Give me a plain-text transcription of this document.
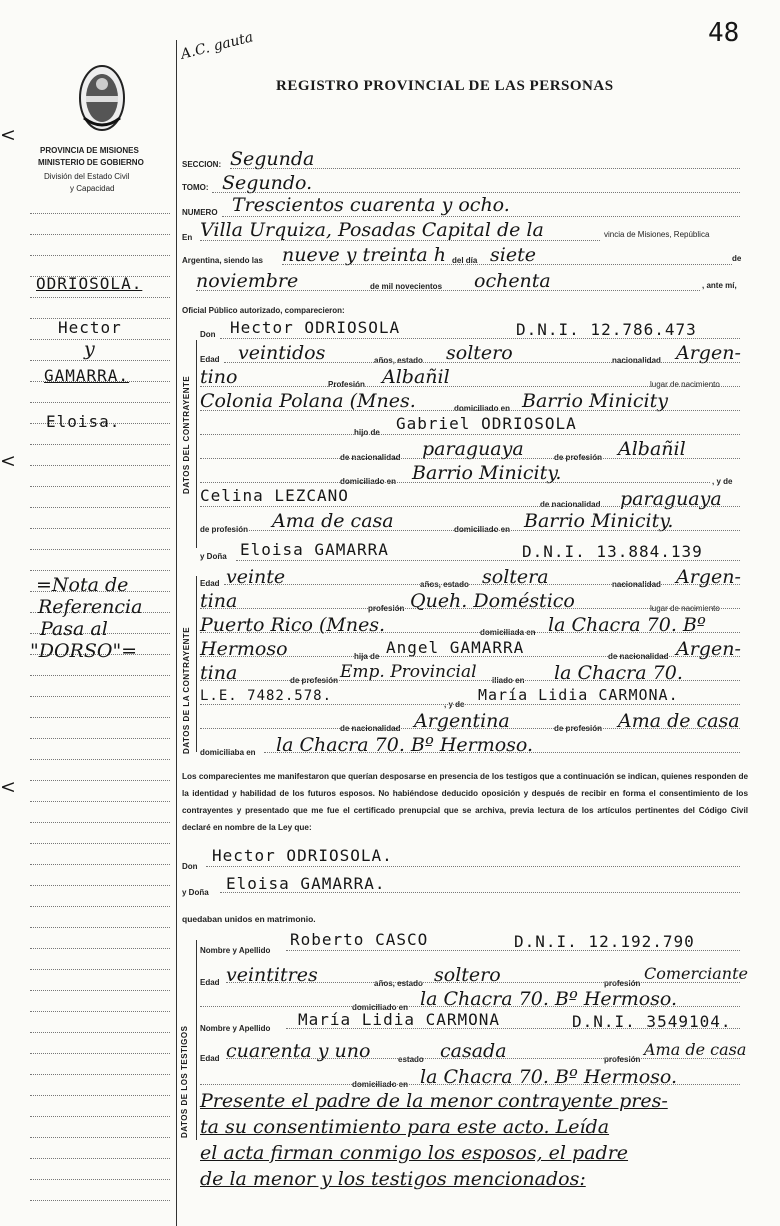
48
A.C. gauta
PROVINCIA DE MISIONES
MINISTERIO DE GOBIERNO
División del Estado Civil
y Capacidad
REGISTRO PROVINCIAL DE LAS PERSONAS
ODRIOSOLA.
Hector
y
GAMARRA.
Eloisa.
=Nota de
Referencia
Pasa al
"DORSO"=
<
<
<
DATOS DEL CONTRAYENTE
DATOS DE LA CONTRAYENTE
DATOS DE LOS TESTIGOS
SECCION: Segunda
TOMO: Segundo.
NUMERO Trescientos cuarenta y ocho.
En Villa Urquiza, Posadas Capital de la	vincia de Misiones, República
Argentina, siendo las nueve y treinta h del día siete	de
noviembre	de mil novecientos ochenta	, ante mí,
Oficial Público autorizado, comparecieron:
Don Hector ODRIOSOLA	D.N.I. 12.786.473
Edad veintidos	años, estado soltero	nacionalidad Argen-
tino	Profesión Albañil	lugar de nacimiento
Colonia Polana (Mnes.	domiciliado en Barrio Minicity
hijo de Gabriel ODRIOSOLA
de nacionalidad paraguaya	de profesión Albañil
domiciliado en Barrio Minicity.	, y de
Celina LEZCANO	de nacionalidad paraguaya
de profesión Ama de casa	domiciliado en Barrio Minicity.
y Doña Eloisa GAMARRA	D.N.I. 13.884.139
Edad veinte	años, estado soltera	nacionalidad Argen-
tina	profesión Queh. Doméstico	lugar de nacimiento
Puerto Rico (Mnes.	domiciliada en la Chacra 70. Bº
Hermoso	hija de Angel GAMARRA	de nacionalidad Argen-
tina	de profesión Emp. Provincial iliado en la Chacra 70.
L.E. 7482.578.
, y de
María Lidia CARMONA.
de nacionalidad Argentina	de profesión Ama de casa
domiciliaba en la Chacra 70. Bº Hermoso.
Los comparecientes me manifestaron que querían desposarse en presencia de los testigos que a continuación se indican, quienes responden de la identidad y habilidad de los futuros esposos. No habiéndose deducido oposición y después de recibir en forma el consentimiento de los contrayentes y presentado que me fue el certificado prenupcial que se archiva, previa lectura de los artículos pertinentes del Código Civil declaré en nombre de la Ley que:
Don
Hector ODRIOSOLA.
y Doña Eloisa GAMARRA.
quedaban unidos en matrimonio.
Nombre y Apellido
Roberto CASCO	D.N.I. 12.192.790
Edad veintitres	años, estado soltero	profesión
Comerciante
domiciliado en la Chacra 70. Bº Hermoso.
Nombre y Apellido María Lidia CARMONA	D.N.I. 3549104.
Edad cuarenta y uno	estado casada	profesión
Ama de casa
domiciliado en la Chacra 70. Bº Hermoso.
Presente el padre de la menor contrayente pres-
ta su consentimiento para este acto. Leída
el acta firman conmigo los esposos, el padre
de la menor y los testigos mencionados:
